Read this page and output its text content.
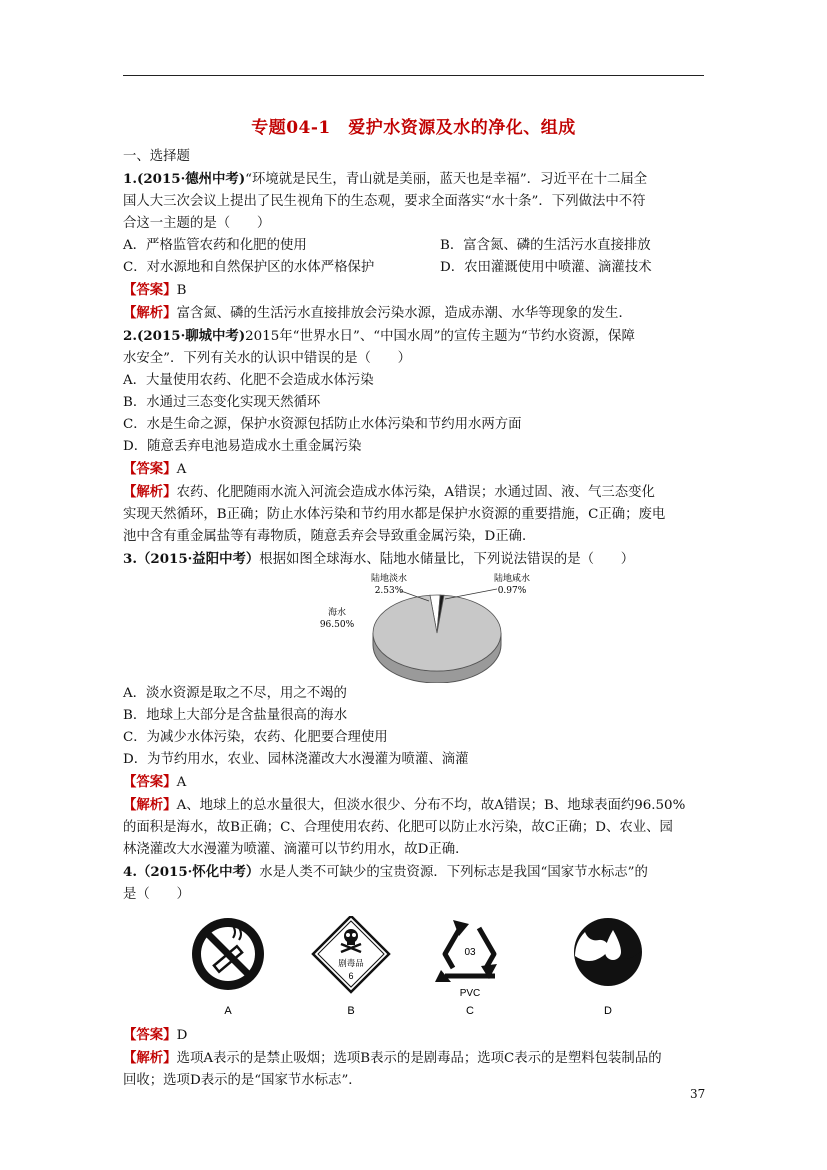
专题04-1　爱护水资源及水的净化、组成
一、选择题
1.(2015·德州中考)“环境就是民生，青山就是美丽，蓝天也是幸福”．习近平在十二届全
国人大三次会议上提出了民生视角下的生态观，要求全面落实“水十条”．下列做法中不符
合这一主题的是（　　）
A．严格监管农药和化肥的使用	B．富含氮、磷的生活污水直接排放
C．对水源地和自然保护区的水体严格保护	D．农田灌溉使用中喷灌、滴灌技术
【答案】B
【解析】富含氮、磷的生活污水直接排放会污染水源，造成赤潮、水华等现象的发生．
2.(2015·聊城中考)2015年“世界水日”、“中国水周”的宣传主题为“节约水资源，保障
水安全”．下列有关水的认识中错误的是（　　）
A．大量使用农药、化肥不会造成水体污染
B．水通过三态变化实现天然循环
C．水是生命之源，保护水资源包括防止水体污染和节约用水两方面
D．随意丢弃电池易造成水土重金属污染
【答案】A
【解析】农药、化肥随雨水流入河流会造成水体污染，A错误；水通过固、液、气三态变化
实现天然循环，B正确；防止水体污染和节约用水都是保护水资源的重要措施，C正确；废电
池中含有重金属盐等有毒物质，随意丢弃会导致重金属污染，D正确．
3.（2015·益阳中考）根据如图全球海水、陆地水储量比，下列说法错误的是（　　）
海水
96.50%
陆地淡水
2.53%
陆地咸水
0.97%
A．淡水资源是取之不尽，用之不竭的
B．地球上大部分是含盐量很高的海水
C．为减少水体污染，农药、化肥要合理使用
D．为节约用水，农业、园林浇灌改大水漫灌为喷灌、滴灌
【答案】A
【解析】A、地球上的总水量很大，但淡水很少、分布不均，故A错误；B、地球表面约96.50%
的面积是海水，故B正确；C、合理使用农药、化肥可以防止水污染，故C正确；D、农业、园
林浇灌改大水漫灌为喷灌、滴灌可以节约用水，故D正确．
4.（2015·怀化中考）水是人类不可缺少的宝贵资源．下列标志是我国“国家节水标志”的
是（　　）
A
剧毒品
6
B
03
PVC
C	D
【答案】D
【解析】选项A表示的是禁止吸烟；选项B表示的是剧毒品；选项C表示的是塑料包装制品的
回收；选项D表示的是“国家节水标志”．
37
